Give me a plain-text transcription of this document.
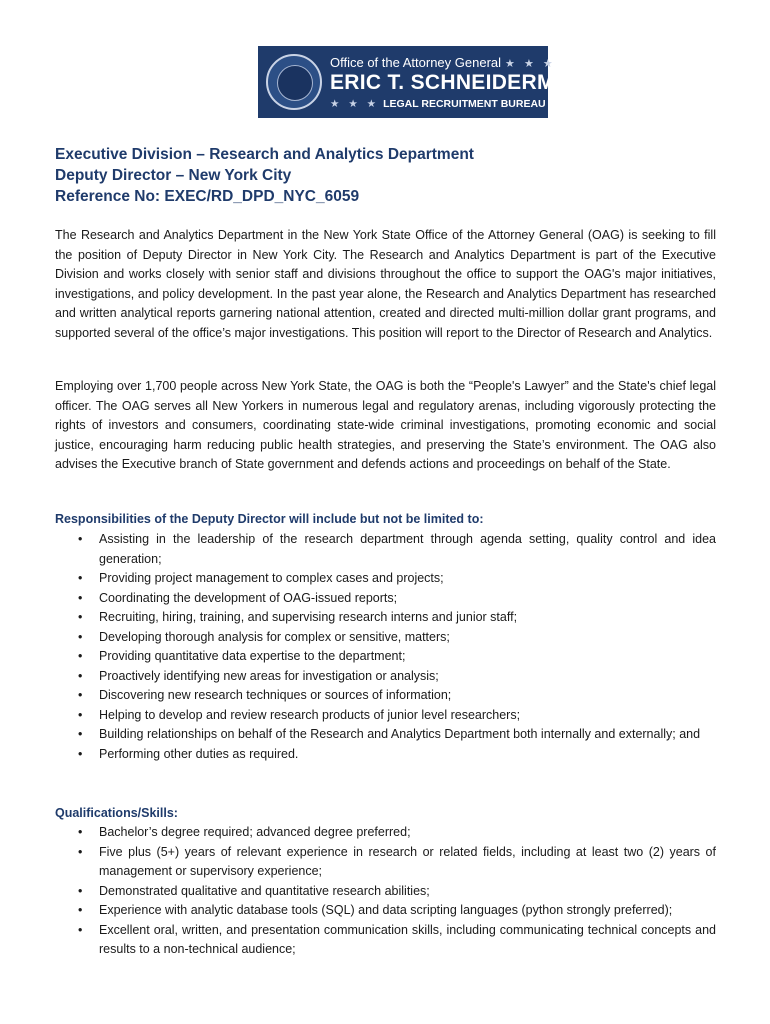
Office of the Attorney General ★ ★ ★
ERIC T. SCHNEIDERMAN
★ ★ ★ LEGAL RECRUITMENT BUREAU
Executive Division – Research and Analytics Department
Deputy Director – New York City
Reference No: EXEC/RD_DPD_NYC_6059
The Research and Analytics Department in the New York State Office of the Attorney General (OAG) is seeking to fill the position of Deputy Director in New York City. The Research and Analytics Department is part of the Executive Division and works closely with senior staff and divisions throughout the office to support the OAG's major initiatives, investigations, and policy development. In the past year alone, the Research and Analytics Department has researched and written analytical reports garnering national attention, created and directed multi-million dollar grant programs, and supported several of the office’s major investigations. This position will report to the Director of Research and Analytics.
Employing over 1,700 people across New York State, the OAG is both the “People's Lawyer” and the State's chief legal officer. The OAG serves all New Yorkers in numerous legal and regulatory arenas, including vigorously protecting the rights of investors and consumers, coordinating state-wide criminal investigations, promoting economic and social justice, encouraging harm reducing public health strategies, and preserving the State’s environment. The OAG also advises the Executive branch of State government and defends actions and proceedings on behalf of the State.
Responsibilities of the Deputy Director will include but not be limited to:
• Assisting in the leadership of the research department through agenda setting, quality control and idea generation;
• Providing project management to complex cases and projects;
• Coordinating the development of OAG-issued reports;
• Recruiting, hiring, training, and supervising research interns and junior staff;
• Developing thorough analysis for complex or sensitive, matters;
• Providing quantitative data expertise to the department;
• Proactively identifying new areas for investigation or analysis;
• Discovering new research techniques or sources of information;
• Helping to develop and review research products of junior level researchers;
• Building relationships on behalf of the Research and Analytics Department both internally and externally; and
• Performing other duties as required.
Qualifications/Skills:
• Bachelor’s degree required; advanced degree preferred;
• Five plus (5+) years of relevant experience in research or related fields, including at least two (2) years of management or supervisory experience;
• Demonstrated qualitative and quantitative research abilities;
• Experience with analytic database tools (SQL) and data scripting languages (python strongly preferred);
• Excellent oral, written, and presentation communication skills, including communicating technical concepts and results to a non-technical audience;
